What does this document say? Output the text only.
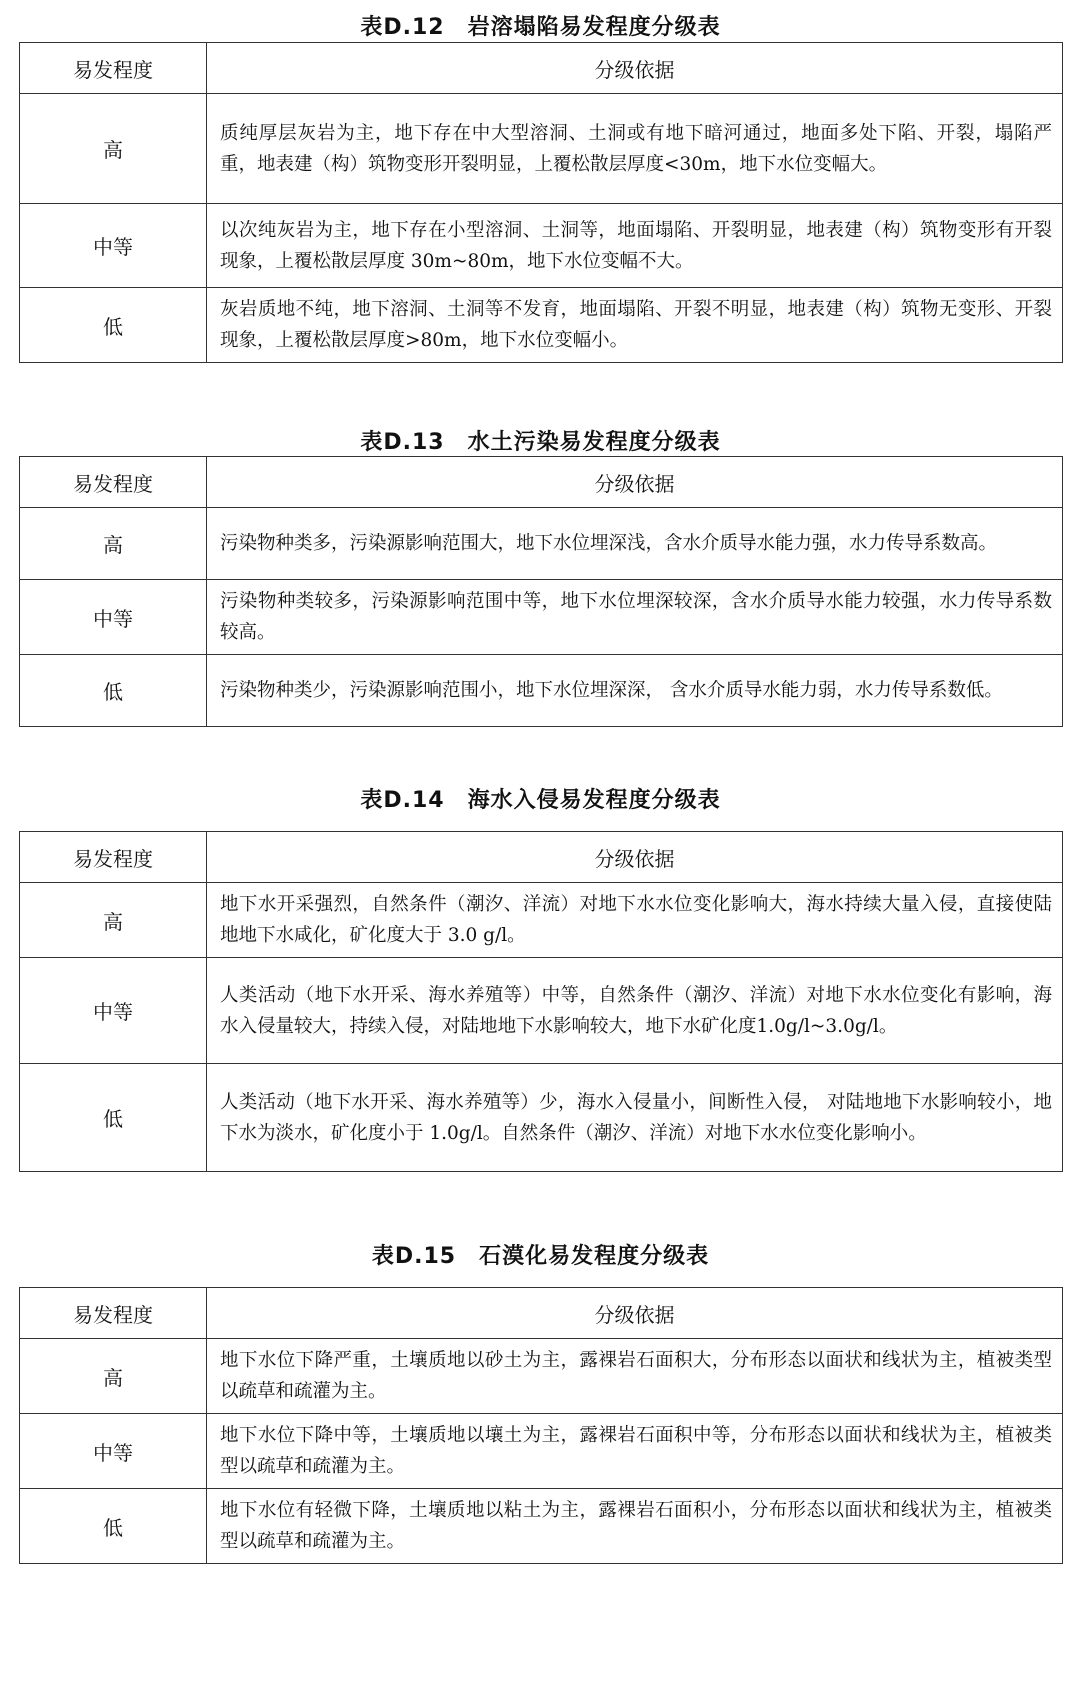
表D.12　岩溶塌陷易发程度分级表
易发程度	分级依据
高	质纯厚层灰岩为主，地下存在中大型溶洞、土洞或有地下暗河通过，地面多处下陷、开裂，塌陷严重，地表建（构）筑物变形开裂明显，上覆松散层厚度<30m，地下水位变幅大。
中等	以次纯灰岩为主，地下存在小型溶洞、土洞等，地面塌陷、开裂明显，地表建（构）筑物变形有开裂现象，上覆松散层厚度 30m~80m，地下水位变幅不大。
低	灰岩质地不纯，地下溶洞、土洞等不发育，地面塌陷、开裂不明显，地表建（构）筑物无变形、开裂现象，上覆松散层厚度>80m，地下水位变幅小。
表D.13　水土污染易发程度分级表
易发程度	分级依据
高	污染物种类多，污染源影响范围大，地下水位埋深浅，含水介质导水能力强，水力传导系数高。
中等	污染物种类较多，污染源影响范围中等，地下水位埋深较深，含水介质导水能力较强，水力传导系数较高。
低	污染物种类少，污染源影响范围小，地下水位埋深深， 含水介质导水能力弱，水力传导系数低。
表D.14　海水入侵易发程度分级表
易发程度	分级依据
高	地下水开采强烈，自然条件（潮汐、洋流）对地下水水位变化影响大，海水持续大量入侵，直接使陆地地下水咸化，矿化度大于 3.0 g/l。
中等	人类活动（地下水开采、海水养殖等）中等，自然条件（潮汐、洋流）对地下水水位变化有影响，海水入侵量较大，持续入侵，对陆地地下水影响较大，地下水矿化度1.0g/l~3.0g/l。
低	人类活动（地下水开采、海水养殖等）少，海水入侵量小，间断性入侵， 对陆地地下水影响较小，地下水为淡水，矿化度小于 1.0g/l。自然条件（潮汐、洋流）对地下水水位变化影响小。
表D.15　石漠化易发程度分级表
易发程度	分级依据
高	地下水位下降严重，土壤质地以砂土为主，露裸岩石面积大，分布形态以面状和线状为主，植被类型以疏草和疏灌为主。
中等	地下水位下降中等，土壤质地以壤土为主，露裸岩石面积中等，分布形态以面状和线状为主，植被类型以疏草和疏灌为主。
低	地下水位有轻微下降，土壤质地以粘土为主，露裸岩石面积小，分布形态以面状和线状为主，植被类型以疏草和疏灌为主。
